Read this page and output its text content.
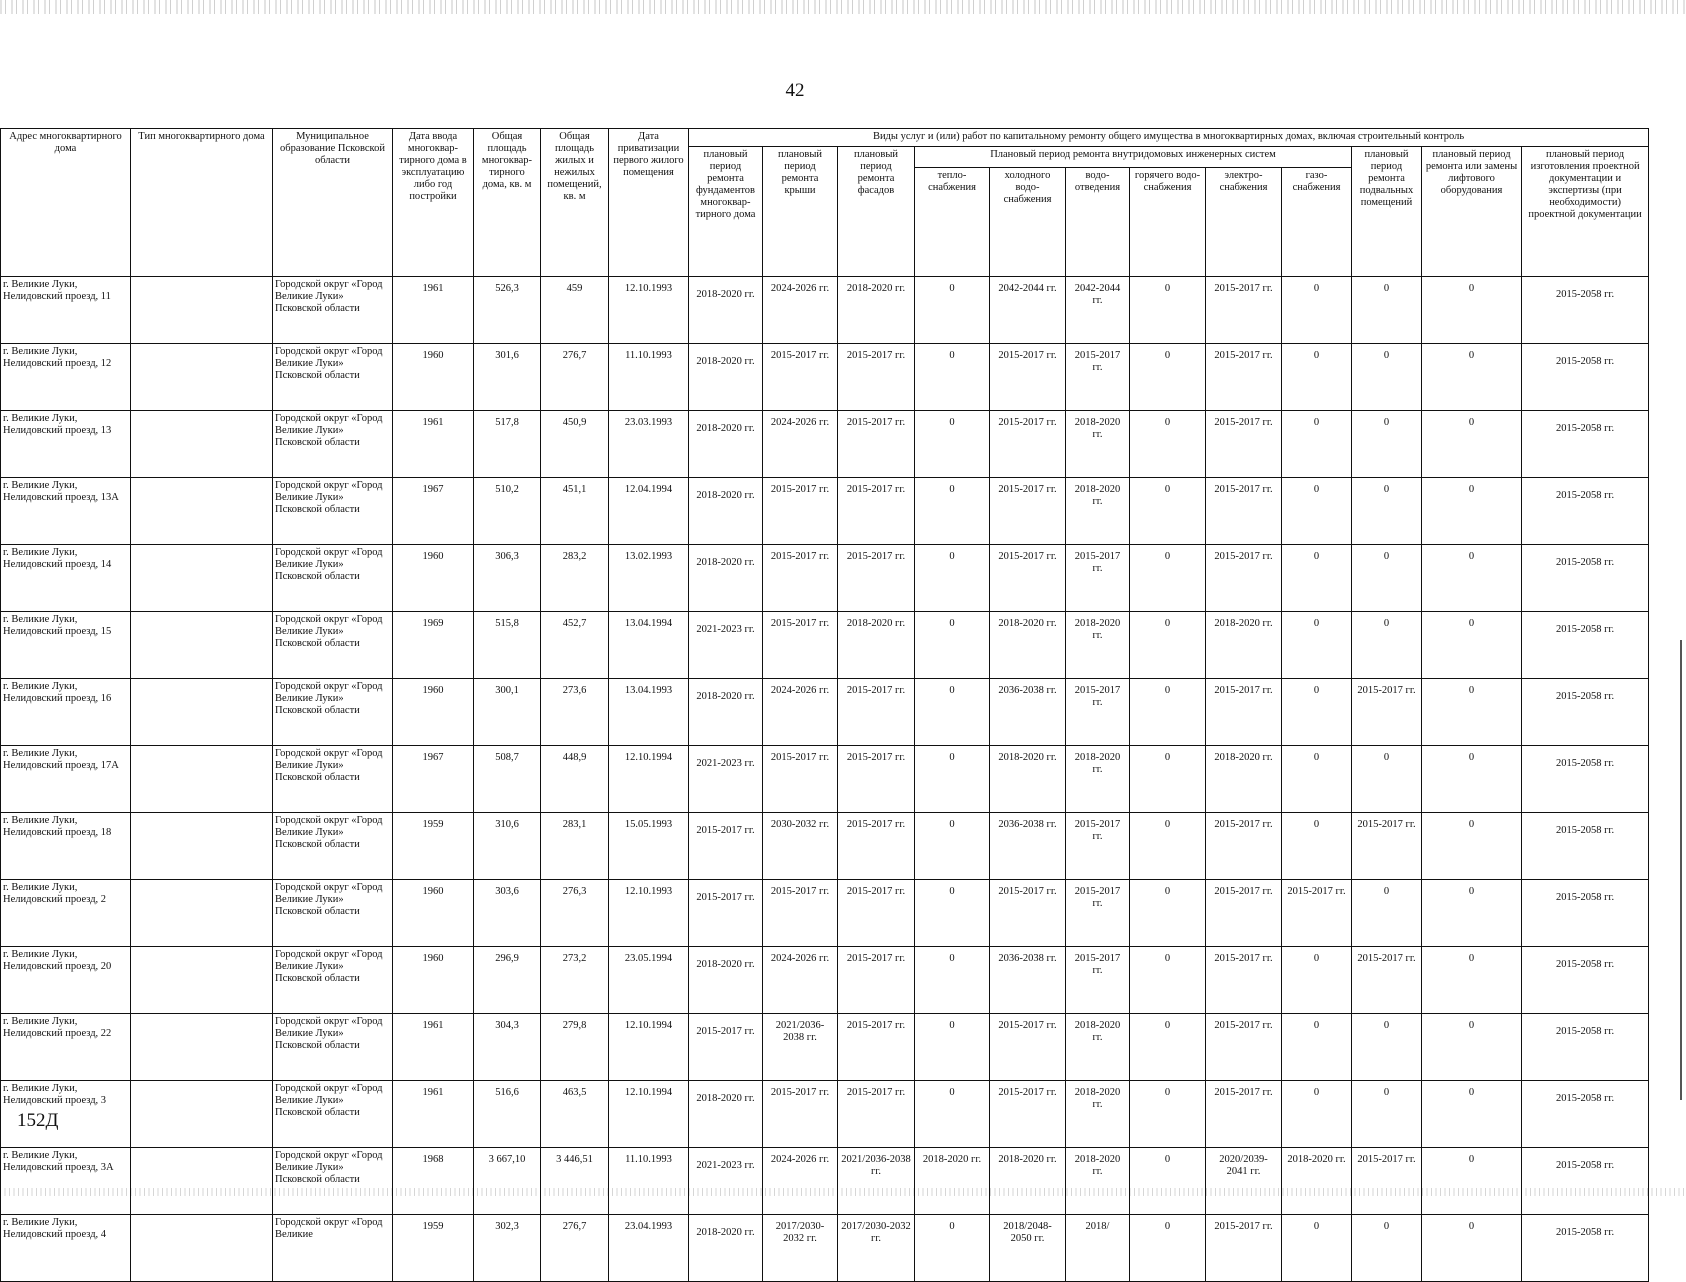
42
Адрес многоквартирного дома	Тип многоквартирного дома	Муниципальное образование Псковской области	Дата ввода многоквар- тирного дома в эксплуатацию либо год постройки	Общая площадь многоквар- тирного дома, кв. м	Общая площадь жилых и нежилых помещений, кв. м	Дата приватизации первого жилого помещения	Виды услуг и (или) работ по капитальному ремонту общего имущества в многоквартирных домах, включая строительный контроль											
							плановый период ремонта фундаментов многоквар- тирного дома	плановый период ремонта крыши	плановый период ремонта фасадов	Плановый период ремонта внутридомовых инженерных систем						плановый период ремонта подвальных помещений	плановый период ремонта или замены лифтового оборудования	плановый период изготовления проектной документации и экспертизы (при необходимости) проектной документации
										тепло- снабжения	холодного водо- снабжения	водо- отведения	горячего водо- снабжения	электро- снабжения	газо- снабжения			
г. Великие Луки, Нелидовский проезд, 11		Городской округ «Город Великие Луки» Псковской области	1961	526,3	459	12.10.1993	2018-2020 гг.	2024-2026 гг.	2018-2020 гг.	0	2042-2044 гг.	2042-2044 гг.	0	2015-2017 гг.	0	0	0	2015-2058 гг.
г. Великие Луки, Нелидовский проезд, 12		Городской округ «Город Великие Луки» Псковской области	1960	301,6	276,7	11.10.1993	2018-2020 гг.	2015-2017 гг.	2015-2017 гг.	0	2015-2017 гг.	2015-2017 гг.	0	2015-2017 гг.	0	0	0	2015-2058 гг.
г. Великие Луки, Нелидовский проезд, 13		Городской округ «Город Великие Луки» Псковской области	1961	517,8	450,9	23.03.1993	2018-2020 гг.	2024-2026 гг.	2015-2017 гг.	0	2015-2017 гг.	2018-2020 гг.	0	2015-2017 гг.	0	0	0	2015-2058 гг.
г. Великие Луки, Нелидовский проезд, 13А		Городской округ «Город Великие Луки» Псковской области	1967	510,2	451,1	12.04.1994	2018-2020 гг.	2015-2017 гг.	2015-2017 гг.	0	2015-2017 гг.	2018-2020 гг.	0	2015-2017 гг.	0	0	0	2015-2058 гг.
г. Великие Луки, Нелидовский проезд, 14		Городской округ «Город Великие Луки» Псковской области	1960	306,3	283,2	13.02.1993	2018-2020 гг.	2015-2017 гг.	2015-2017 гг.	0	2015-2017 гг.	2015-2017 гг.	0	2015-2017 гг.	0	0	0	2015-2058 гг.
г. Великие Луки, Нелидовский проезд, 15		Городской округ «Город Великие Луки» Псковской области	1969	515,8	452,7	13.04.1994	2021-2023 гг.	2015-2017 гг.	2018-2020 гг.	0	2018-2020 гг.	2018-2020 гг.	0	2018-2020 гг.	0	0	0	2015-2058 гг.
г. Великие Луки, Нелидовский проезд, 16		Городской округ «Город Великие Луки» Псковской области	1960	300,1	273,6	13.04.1993	2018-2020 гг.	2024-2026 гг.	2015-2017 гг.	0	2036-2038 гг.	2015-2017 гг.	0	2015-2017 гг.	0	2015-2017 гг.	0	2015-2058 гг.
г. Великие Луки, Нелидовский проезд, 17А		Городской округ «Город Великие Луки» Псковской области	1967	508,7	448,9	12.10.1994	2021-2023 гг.	2015-2017 гг.	2015-2017 гг.	0	2018-2020 гг.	2018-2020 гг.	0	2018-2020 гг.	0	0	0	2015-2058 гг.
г. Великие Луки, Нелидовский проезд, 18		Городской округ «Город Великие Луки» Псковской области	1959	310,6	283,1	15.05.1993	2015-2017 гг.	2030-2032 гг.	2015-2017 гг.	0	2036-2038 гг.	2015-2017 гг.	0	2015-2017 гг.	0	2015-2017 гг.	0	2015-2058 гг.
г. Великие Луки, Нелидовский проезд, 2		Городской округ «Город Великие Луки» Псковской области	1960	303,6	276,3	12.10.1993	2015-2017 гг.	2015-2017 гг.	2015-2017 гг.	0	2015-2017 гг.	2015-2017 гг.	0	2015-2017 гг.	2015-2017 гг.	0	0	2015-2058 гг.
г. Великие Луки, Нелидовский проезд, 20		Городской округ «Город Великие Луки» Псковской области	1960	296,9	273,2	23.05.1994	2018-2020 гг.	2024-2026 гг.	2015-2017 гг.	0	2036-2038 гг.	2015-2017 гг.	0	2015-2017 гг.	0	2015-2017 гг.	0	2015-2058 гг.
г. Великие Луки, Нелидовский проезд, 22		Городской округ «Город Великие Луки» Псковской области	1961	304,3	279,8	12.10.1994	2015-2017 гг.	2021/2036-2038 гг.	2015-2017 гг.	0	2015-2017 гг.	2018-2020 гг.	0	2015-2017 гг.	0	0	0	2015-2058 гг.
г. Великие Луки, Нелидовский проезд, 3		Городской округ «Город Великие Луки» Псковской области	1961	516,6	463,5	12.10.1994	2018-2020 гг.	2015-2017 гг.	2015-2017 гг.	0	2015-2017 гг.	2018-2020 гг.	0	2015-2017 гг.	0	0	0	2015-2058 гг.
г. Великие Луки, Нелидовский проезд, 3А		Городской округ «Город Великие Луки» Псковской области	1968	3 667,10	3 446,51	11.10.1993	2021-2023 гг.	2024-2026 гг.	2021/2036-2038 гг.	2018-2020 гг.	2018-2020 гг.	2018-2020 гг.	0	2020/2039-2041 гг.	2018-2020 гг.	2015-2017 гг.	0	2015-2058 гг.
г. Великие Луки, Нелидовский проезд, 4		Городской округ «Город Великие	1959	302,3	276,7	23.04.1993	2018-2020 гг.	2017/2030-2032 гг.	2017/2030-2032 гг.	0	2018/2048-2050 гг.	2018/	0	2015-2017 гг.	0	0	0	2015-2058 гг.
152Д
